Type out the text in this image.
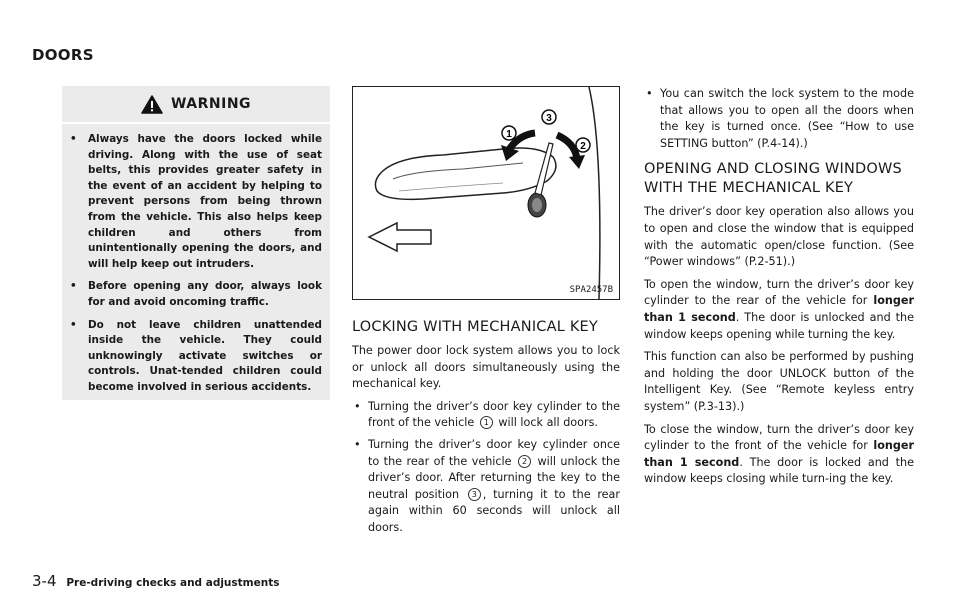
DOORS
WARNING
• Always have the doors locked while driving. Along with the use of seat belts, this provides greater safety in the event of an accident by helping to prevent persons from being thrown from the vehicle. This also helps keep children and others from unintentionally opening the doors, and will help keep out intruders.
• Before opening any door, always look for and avoid oncoming traffic.
• Do not leave children unattended inside the vehicle. They could unknowingly activate switches or controls. Unat-tended children could become involved in serious accidents.
1
3
2
SPA2457B
LOCKING WITH MECHANICAL KEY

The power door lock system allows you to lock or unlock all doors simultaneously using the mechanical key.

• Turning the driver’s door key cylinder to the front of the vehicle 1 will lock all doors.
• Turning the driver’s door key cylinder once to the rear of the vehicle 2 will unlock the driver’s door. After returning the key to the neutral position 3 , turning it to the rear again within 60 seconds will unlock all doors.
• You can switch the lock system to the mode that allows you to open all the doors when the key is turned once. (See “How to use SETTING button” (P.4-14).)
OPENING AND CLOSING WINDOWS
WITH THE MECHANICAL KEY

The driver’s door key operation also allows you to open and close the window that is equipped with the automatic open/close function. (See “Power windows” (P.2-51).)

To open the window, turn the driver’s door key cylinder to the rear of the vehicle for longer than 1 second. The door is unlocked and the window keeps opening while turning the key.

This function can also be performed by pushing and holding the door UNLOCK button of the Intelligent Key. (See “Remote keyless entry system” (P.3-13).)

To close the window, turn the driver’s door key cylinder to the front of the vehicle for longer than 1 second. The door is locked and the window keeps closing while turn-ing the key.

3-4 Pre-driving checks and adjustments
